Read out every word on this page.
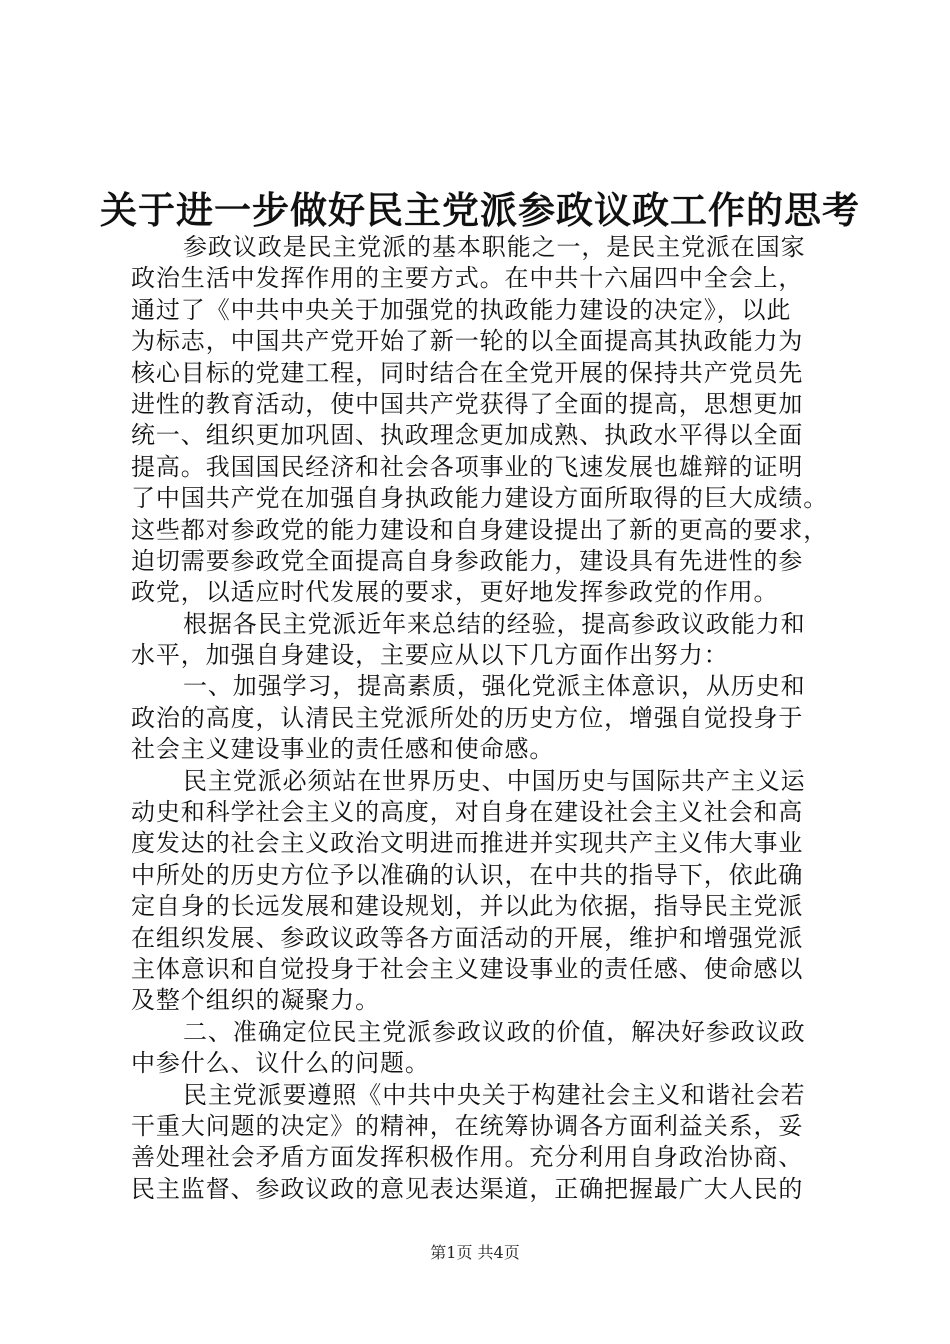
关于进一步做好民主党派参政议政工作的思考
参政议政是民主党派的基本职能之一，是民主党派在国家
政治生活中发挥作用的主要方式。在中共十六届四中全会上，
通过了《中共中央关于加强党的执政能力建设的决定》，以此
为标志，中国共产党开始了新一轮的以全面提高其执政能力为
核心目标的党建工程，同时结合在全党开展的保持共产党员先
进性的教育活动，使中国共产党获得了全面的提高，思想更加
统一、组织更加巩固、执政理念更加成熟、执政水平得以全面
提高。我国国民经济和社会各项事业的飞速发展也雄辩的证明
了中国共产党在加强自身执政能力建设方面所取得的巨大成绩。
这些都对参政党的能力建设和自身建设提出了新的更高的要求，
迫切需要参政党全面提高自身参政能力，建设具有先进性的参
政党，以适应时代发展的要求，更好地发挥参政党的作用。
根据各民主党派近年来总结的经验，提高参政议政能力和
水平，加强自身建设，主要应从以下几方面作出努力：
一、加强学习，提高素质，强化党派主体意识，从历史和
政治的高度，认清民主党派所处的历史方位，增强自觉投身于
社会主义建设事业的责任感和使命感。
民主党派必须站在世界历史、中国历史与国际共产主义运
动史和科学社会主义的高度，对自身在建设社会主义社会和高
度发达的社会主义政治文明进而推进并实现共产主义伟大事业
中所处的历史方位予以准确的认识，在中共的指导下，依此确
定自身的长远发展和建设规划，并以此为依据，指导民主党派
在组织发展、参政议政等各方面活动的开展，维护和增强党派
主体意识和自觉投身于社会主义建设事业的责任感、使命感以
及整个组织的凝聚力。
二、准确定位民主党派参政议政的价值，解决好参政议政
中参什么、议什么的问题。
民主党派要遵照《中共中央关于构建社会主义和谐社会若
干重大问题的决定》的精神，在统筹协调各方面利益关系，妥
善处理社会矛盾方面发挥积极作用。充分利用自身政治协商、
民主监督、参政议政的意见表达渠道，正确把握最广大人民的
第1页 共4页
